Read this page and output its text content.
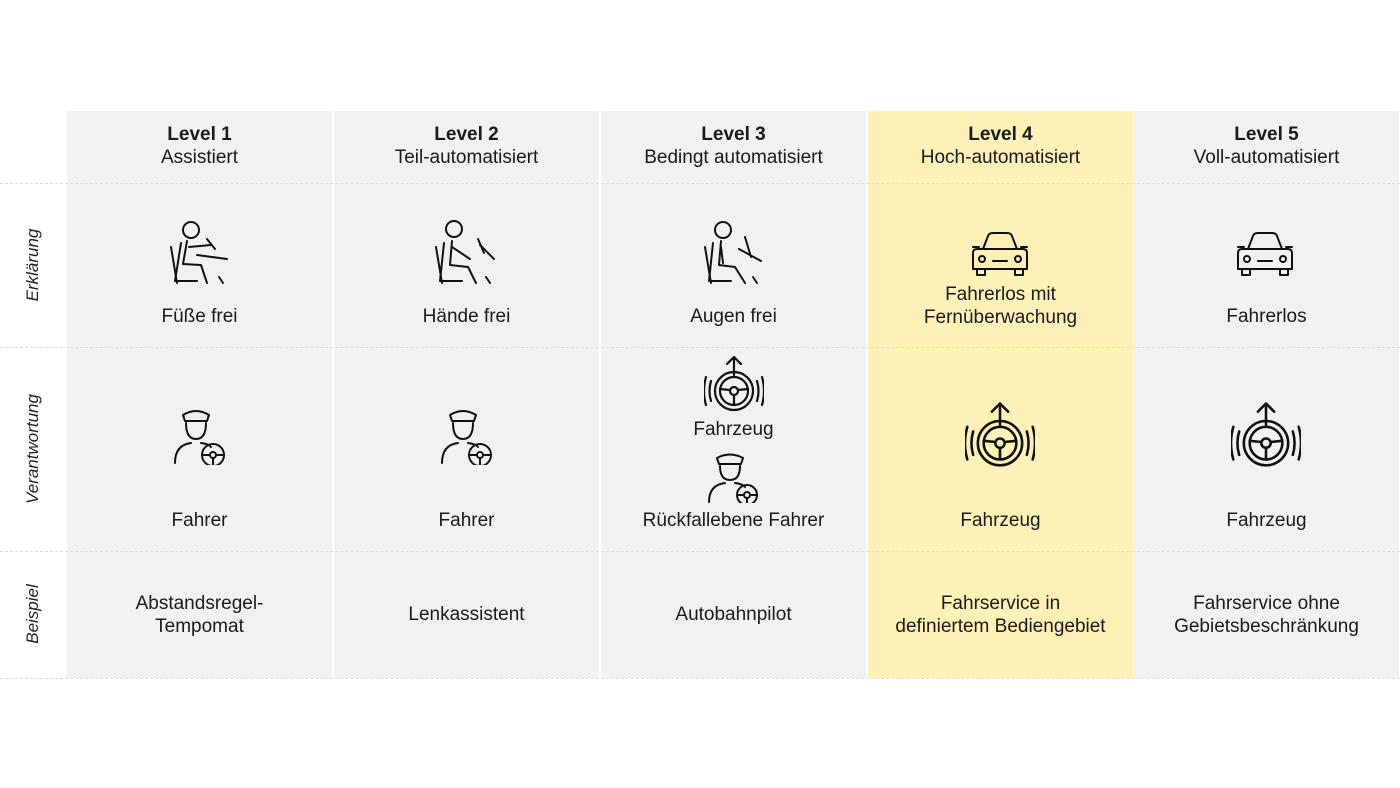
Erklärung
Verantwortung
Beispiel
Level 1
Assistiert
Füße frei
Fahrer
Abstandsregel-
Tempomat
Level 2
Teil-automatisiert
Hände frei
Fahrer
Lenkassistent
Level 3
Bedingt automatisiert
Augen frei
Fahrzeug
Rückfallebene Fahrer
Autobahnpilot
Level 4
Hoch-automatisiert
Fahrerlos mit
Fernüberwachung
Fahrzeug
Fahrservice in
definiertem Bediengebiet
Level 5
Voll-automatisiert
Fahrerlos
Fahrzeug
Fahrservice ohne
Gebietsbeschränkung
